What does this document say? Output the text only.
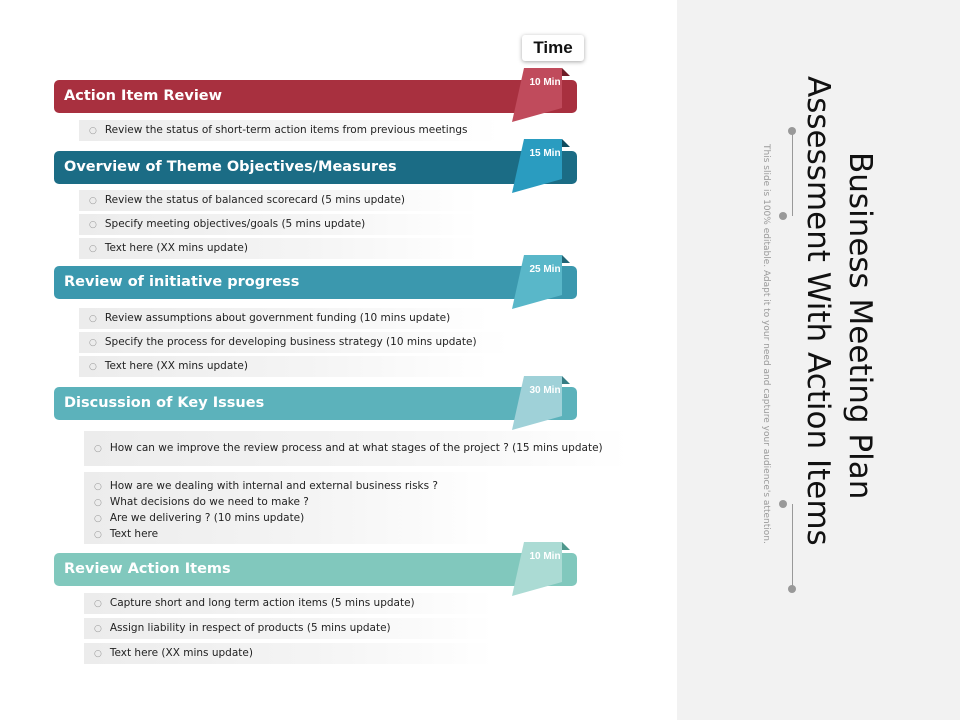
Time
Action Item Review
10 Min
○ Review the status of short-term action items from previous meetings
Overview of Theme Objectives/Measures
15 Min
○ Review the status of balanced scorecard (5 mins update)
○ Specify meeting objectives/goals (5 mins update)
○ Text here (XX mins update)
Review of initiative progress
25 Min
○ Review assumptions about government funding (10 mins update)
○ Specify the process for developing business strategy (10 mins update)
○ Text here (XX mins update)
Discussion of Key Issues
30 Min
○ How can we improve the review process and at what stages of the project ? (15 mins update)
○ How are we dealing with internal and external business risks ?
○ What decisions do we need to make ?
○ Are we delivering ? (10 mins update)
○ Text here
Review Action Items
10 Min
○ Capture short and long term action items (5 mins update)
○ Assign liability in respect of products (5 mins update)
○ Text here (XX mins update)
Business Meeting Plan
Assessment With Action Items
This slide is 100% editable. Adapt it to your need and capture your audience's attention.
